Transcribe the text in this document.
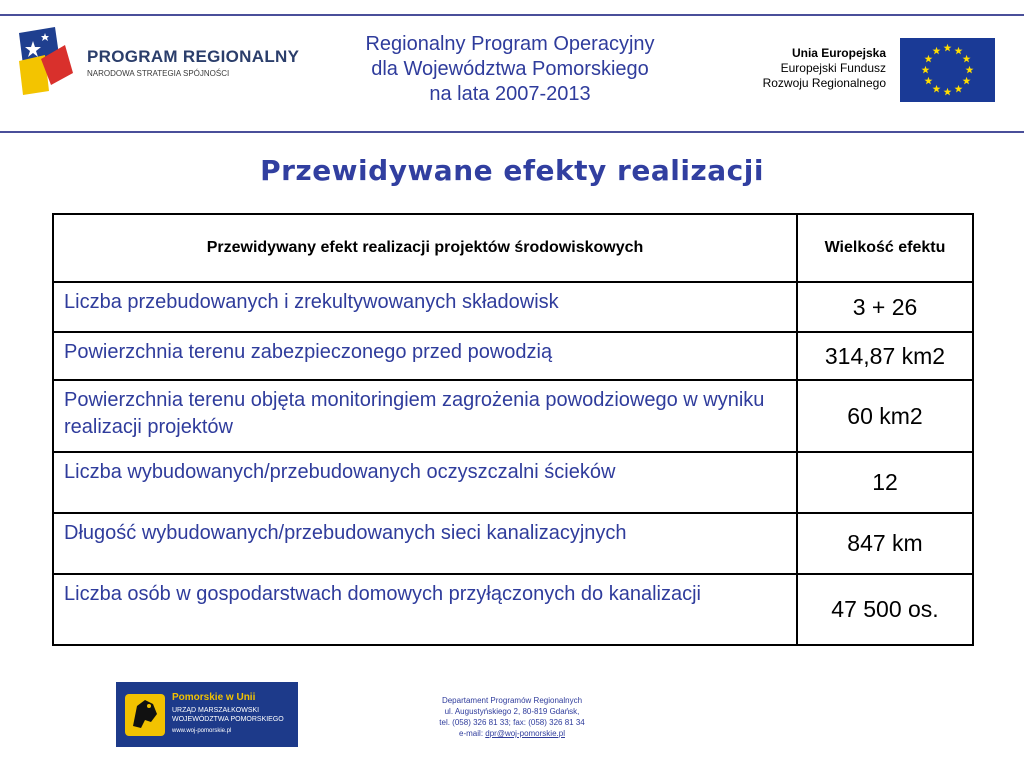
PROGRAM REGIONALNY
NARODOWA STRATEGIA SPÓJNOŚCI
Regionalny Program Operacyjny
dla Województwa Pomorskiego
na lata 2007-2013
Unia Europejska
Europejski Fundusz
Rozwoju Regionalnego
Przewidywane efekty realizacji
Przewidywany efekt realizacji projektów środowiskowych	Wielkość efektu
Liczba przebudowanych i zrekultywowanych składowisk	3 + 26
Powierzchnia terenu zabezpieczonego przed powodzią	314,87 km2
Powierzchnia terenu objęta monitoringiem zagrożenia powodziowego w wyniku realizacji projektów	60 km2
Liczba wybudowanych/przebudowanych oczyszczalni ścieków	12
Długość wybudowanych/przebudowanych sieci kanalizacyjnych	847 km
Liczba osób w gospodarstwach domowych przyłączonych do kanalizacji	47 500 os.
Pomorskie w Unii
URZĄD MARSZAŁKOWSKI
WOJEWÓDZTWA POMORSKIEGO
www.woj-pomorskie.pl
Departament Programów Regionalnych
ul. Augustyńskiego 2, 80-819 Gdańsk,
tel. (058) 326 81 33; fax: (058) 326 81 34
e-mail: dpr@woj-pomorskie.pl
